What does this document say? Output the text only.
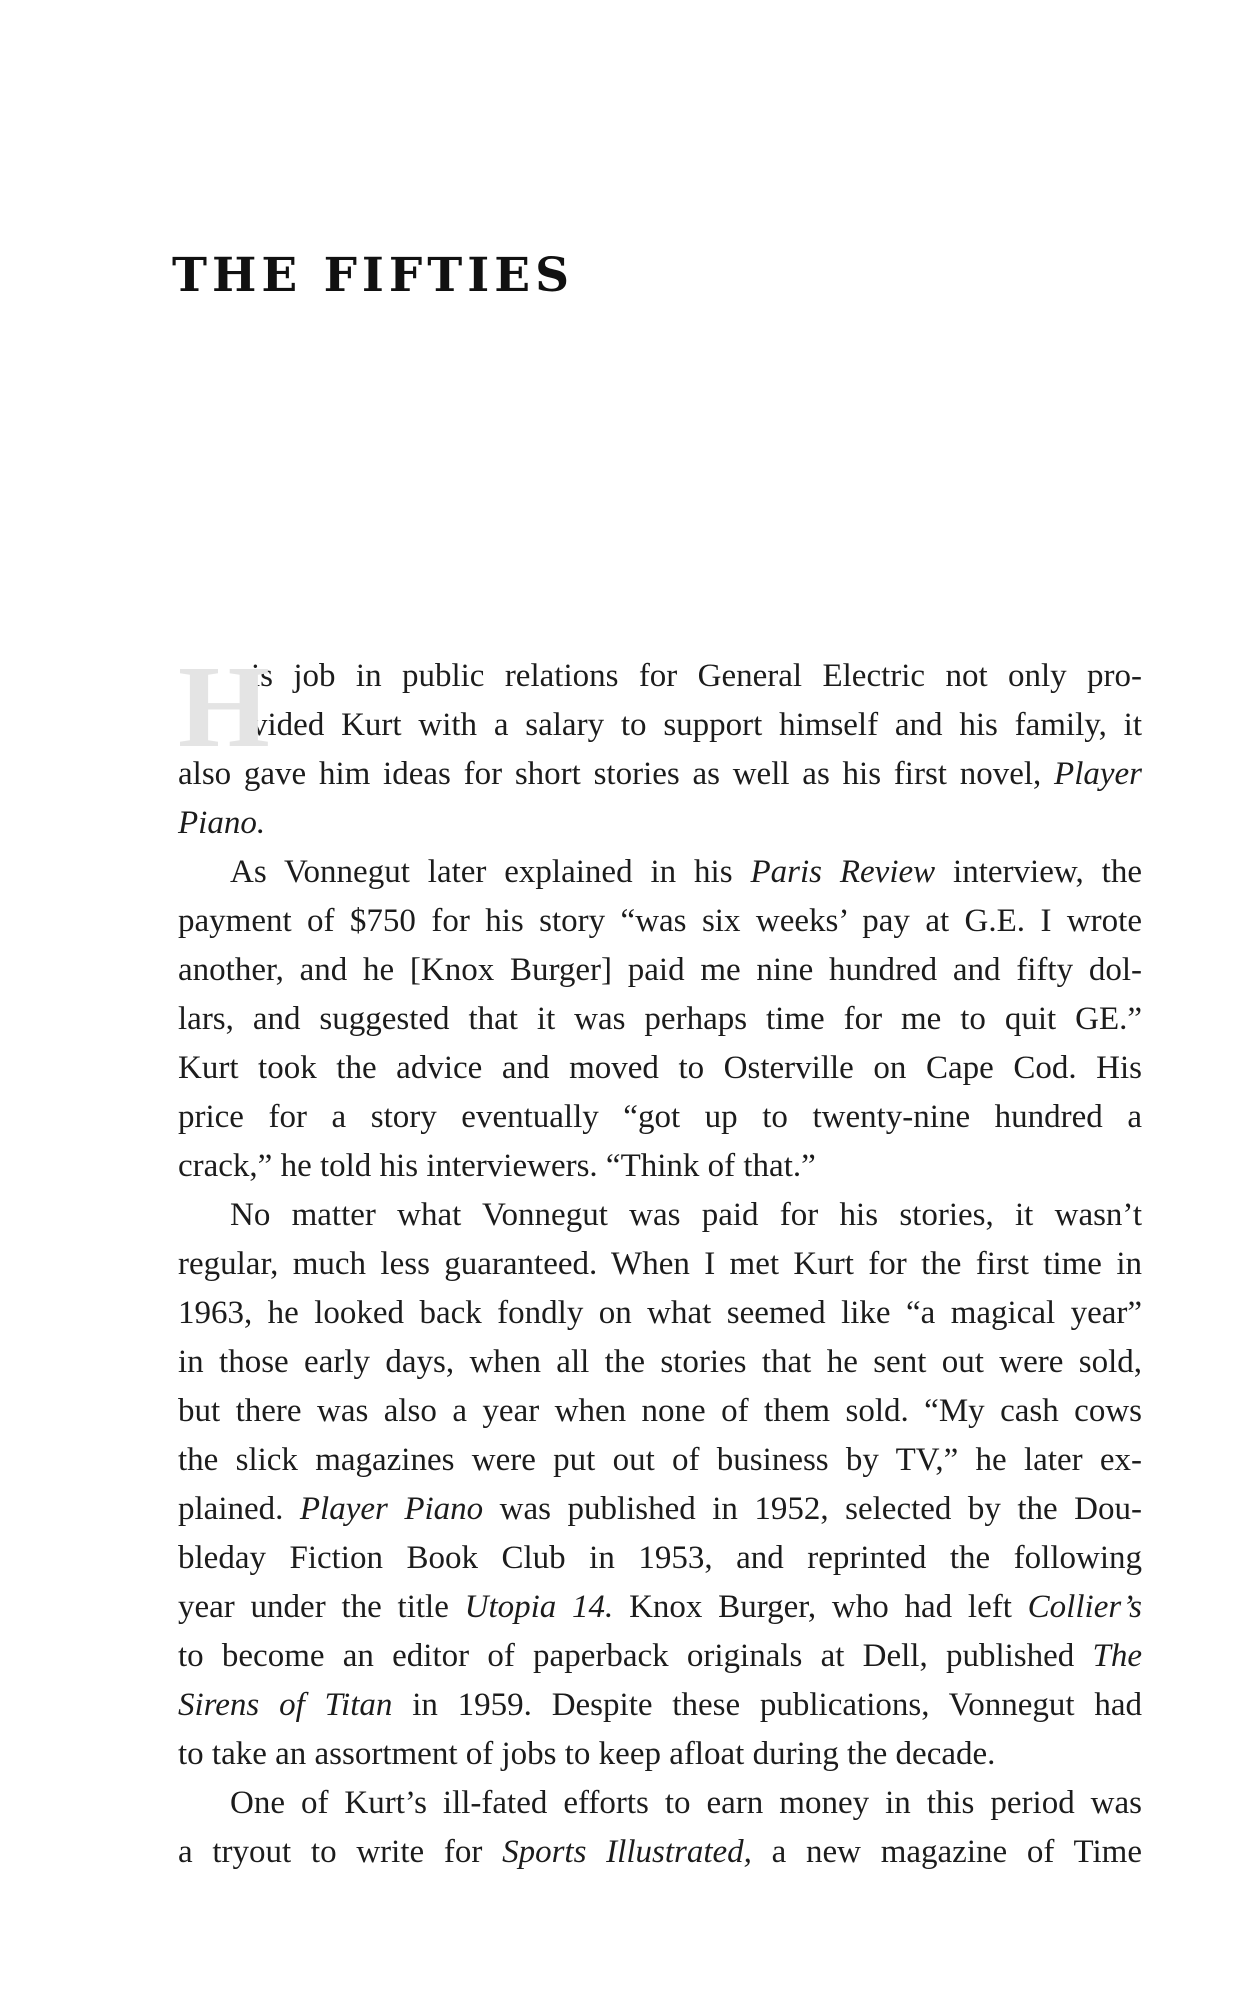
THE FIFTIES
H
is job in public relations for General Electric not only pro-
vided Kurt with a salary to support himself and his family, it
also gave him ideas for short stories as well as his first novel, Player
Piano.
As Vonnegut later explained in his Paris Review interview, the
payment of $750 for his story “was six weeks’ pay at G.E. I wrote
another, and he [Knox Burger] paid me nine hundred and fifty dol-
lars, and suggested that it was perhaps time for me to quit GE.”
Kurt took the advice and moved to Osterville on Cape Cod. His
price for a story eventually “got up to twenty-nine hundred a
crack,” he told his interviewers. “Think of that.”
No matter what Vonnegut was paid for his stories, it wasn’t
regular, much less guaranteed. When I met Kurt for the first time in
1963, he looked back fondly on what seemed like “a magical year”
in those early days, when all the stories that he sent out were sold,
but there was also a year when none of them sold. “My cash cows
the slick magazines were put out of business by TV,” he later ex-
plained. Player Piano was published in 1952, selected by the Dou-
bleday Fiction Book Club in 1953, and reprinted the following
year under the title Utopia 14. Knox Burger, who had left Collier’s
to become an editor of paperback originals at Dell, published The
Sirens of Titan in 1959. Despite these publications, Vonnegut had
to take an assortment of jobs to keep afloat during the decade.
One of Kurt’s ill-fated efforts to earn money in this period was
a tryout to write for Sports Illustrated, a new magazine of Time
